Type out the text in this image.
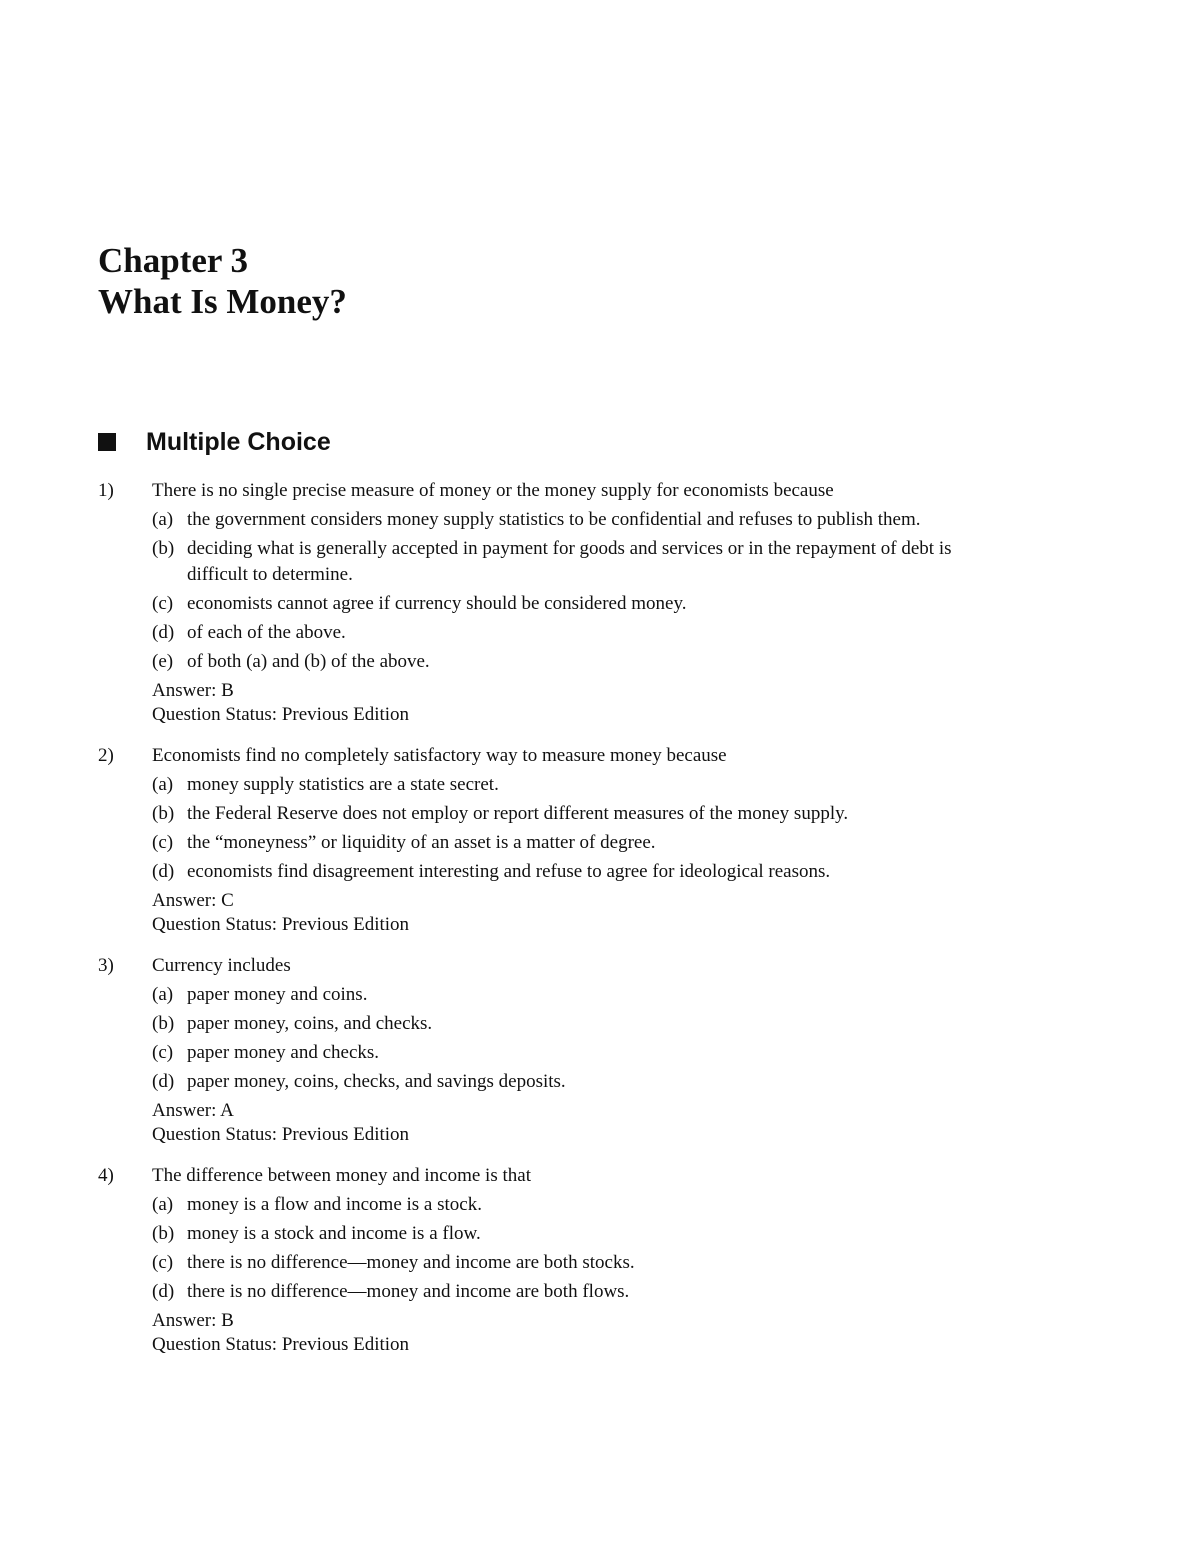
Chapter 3
What Is Money?
Multiple Choice
1)	There is no single precise measure of money or the money supply for economists because
(a) the government considers money supply statistics to be confidential and refuses to publish them.
(b) deciding what is generally accepted in payment for goods and services or in the repayment of debt is difficult to determine.
(c) economists cannot agree if currency should be considered money.
(d) of each of the above.
(e) of both (a) and (b) of the above.
Answer: B
Question Status: Previous Edition
2)	Economists find no completely satisfactory way to measure money because
(a) money supply statistics are a state secret.
(b) the Federal Reserve does not employ or report different measures of the money supply.
(c) the “moneyness” or liquidity of an asset is a matter of degree.
(d) economists find disagreement interesting and refuse to agree for ideological reasons.
Answer: C
Question Status: Previous Edition
3)	Currency includes
(a) paper money and coins.
(b) paper money, coins, and checks.
(c) paper money and checks.
(d) paper money, coins, checks, and savings deposits.
Answer: A
Question Status: Previous Edition
4)	The difference between money and income is that
(a) money is a flow and income is a stock.
(b) money is a stock and income is a flow.
(c) there is no difference—money and income are both stocks.
(d) there is no difference—money and income are both flows.
Answer: B
Question Status: Previous Edition
